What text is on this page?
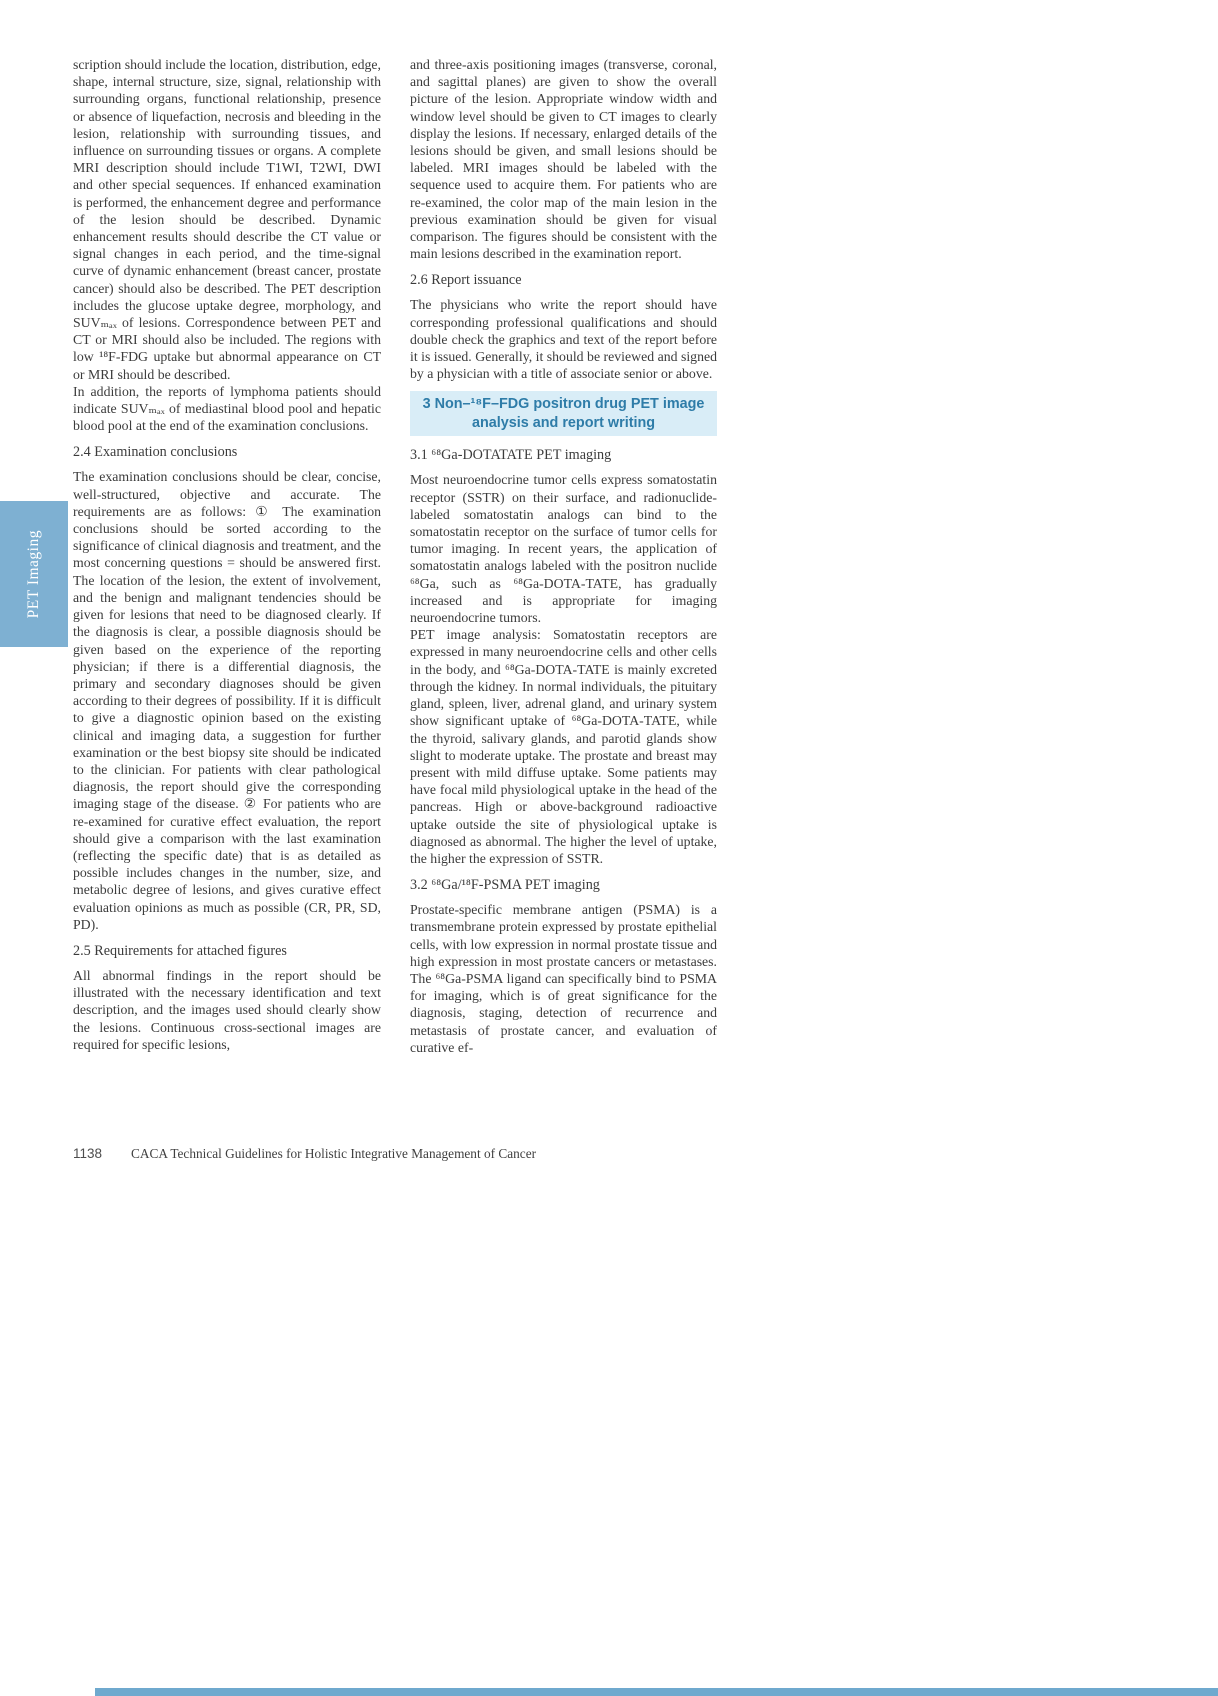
PET Imaging

scription should include the location, distribution, edge, shape, internal structure, size, signal, relationship with surrounding organs, functional relationship, presence or absence of liquefaction, necrosis and bleeding in the lesion, relationship with surrounding tissues, and influence on surrounding tissues or organs. A complete MRI description should include T1WI, T2WI, DWI and other special sequences. If enhanced examination is performed, the enhancement degree and performance of the lesion should be described. Dynamic enhancement results should describe the CT value or signal changes in each period, and the time-signal curve of dynamic enhancement (breast cancer, prostate cancer) should also be described. The PET description includes the glucose uptake degree, morphology, and SUVₘₐₓ of lesions. Correspondence between PET and CT or MRI should also be included. The regions with low ¹⁸F-FDG uptake but abnormal appearance on CT or MRI should be described.

In addition, the reports of lymphoma patients should indicate SUVₘₐₓ of mediastinal blood pool and hepatic blood pool at the end of the examination conclusions.

2.4 Examination conclusions

The examination conclusions should be clear, concise, well-structured, objective and accurate. The requirements are as follows: ① The examination conclusions should be sorted according to the significance of clinical diagnosis and treatment, and the most concerning questions = should be answered first. The location of the lesion, the extent of involvement, and the benign and malignant tendencies should be given for lesions that need to be diagnosed clearly. If the diagnosis is clear, a possible diagnosis should be given based on the experience of the reporting physician; if there is a differential diagnosis, the primary and secondary diagnoses should be given according to their degrees of possibility. If it is difficult to give a diagnostic opinion based on the existing clinical and imaging data, a suggestion for further examination or the best biopsy site should be indicated to the clinician. For patients with clear pathological diagnosis, the report should give the corresponding imaging stage of the disease. ② For patients who are re-examined for curative effect evaluation, the report should give a comparison with the last examination (reflecting the specific date) that is as detailed as possible includes changes in the number, size, and metabolic degree of lesions, and gives curative effect evaluation opinions as much as possible (CR, PR, SD, PD).

2.5 Requirements for attached figures

All abnormal findings in the report should be illustrated with the necessary identification and text description, and the images used should clearly show the lesions. Continuous cross-sectional images are required for specific lesions,

and three-axis positioning images (transverse, coronal, and sagittal planes) are given to show the overall picture of the lesion. Appropriate window width and window level should be given to CT images to clearly display the lesions. If necessary, enlarged details of the lesions should be given, and small lesions should be labeled. MRI images should be labeled with the sequence used to acquire them. For patients who are re-examined, the color map of the main lesion in the previous examination should be given for visual comparison. The figures should be consistent with the main lesions described in the examination report.

2.6 Report issuance

The physicians who write the report should have corresponding professional qualifications and should double check the graphics and text of the report before it is issued. Generally, it should be reviewed and signed by a physician with a title of associate senior or above.

3 Non–¹⁸F–FDG positron drug PET image
analysis and report writing
3.1 ⁶⁸Ga-DOTATATE PET imaging

Most neuroendocrine tumor cells express somatostatin receptor (SSTR) on their surface, and radionuclide-labeled somatostatin analogs can bind to the somatostatin receptor on the surface of tumor cells for tumor imaging. In recent years, the application of somatostatin analogs labeled with the positron nuclide ⁶⁸Ga, such as ⁶⁸Ga-DOTA-TATE, has gradually increased and is appropriate for imaging neuroendocrine tumors.

PET image analysis: Somatostatin receptors are expressed in many neuroendocrine cells and other cells in the body, and ⁶⁸Ga-DOTA-TATE is mainly excreted through the kidney. In normal individuals, the pituitary gland, spleen, liver, adrenal gland, and urinary system show significant uptake of ⁶⁸Ga-DOTA-TATE, while the thyroid, salivary glands, and parotid glands show slight to moderate uptake. The prostate and breast may present with mild diffuse uptake. Some patients may have focal mild physiological uptake in the head of the pancreas. High or above-background radioactive uptake outside the site of physiological uptake is diagnosed as abnormal. The higher the level of uptake, the higher the expression of SSTR.

3.2 ⁶⁸Ga/¹⁸F-PSMA PET imaging

Prostate-specific membrane antigen (PSMA) is a transmembrane protein expressed by prostate epithelial cells, with low expression in normal prostate tissue and high expression in most prostate cancers or metastases. The ⁶⁸Ga-PSMA ligand can specifically bind to PSMA for imaging, which is of great significance for the diagnosis, staging, detection of recurrence and metastasis of prostate cancer, and evaluation of curative ef-

1138 CACA Technical Guidelines for Holistic Integrative Management of Cancer
